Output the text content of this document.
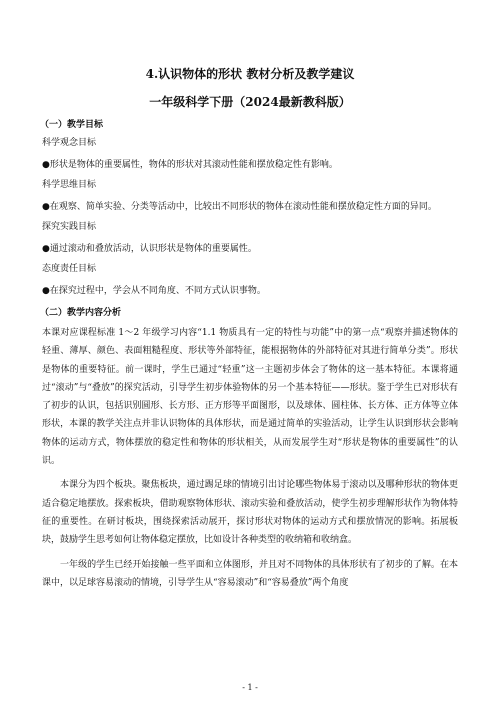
4.认识物体的形状 教材分析及教学建议
一年级科学下册（2024最新教科版）
（一）教学目标
科学观念目标
●形状是物体的重要属性，物体的形状对其滚动性能和摆放稳定性有影响。
科学思维目标
●在观察、简单实验、分类等活动中，比较出不同形状的物体在滚动性能和摆放稳定性方面的异同。
探究实践目标
●通过滚动和叠放活动，认识形状是物体的重要属性。
态度责任目标
●在探究过程中，学会从不同角度、不同方式认识事物。
（二）教学内容分析

本课对应课程标准 1～2 年级学习内容“1.1 物质具有一定的特性与功能”中的第一点“观察并描述物体的轻重、薄厚、颜色、表面粗糙程度、形状等外部特征，能根据物体的外部特征对其进行简单分类”。形状是物体的重要特征。前一课时，学生已通过“轻重”这一主题初步体会了物体的这一基本特征。本课将通过“滚动”与“叠放”的探究活动，引导学生初步体验物体的另一个基本特征——形状。鉴于学生已对形状有了初步的认识，包括识别圆形、长方形、正方形等平面图形，以及球体、圆柱体、长方体、正方体等立体形状，本课的教学关注点并非认识物体的具体形状，而是通过简单的实验活动，让学生认识到形状会影响物体的运动方式，物体摆放的稳定性和物体的形状相关，从而发展学生对“形状是物体的重要属性”的认识。

本课分为四个板块。聚焦板块，通过踢足球的情境引出讨论哪些物体易于滚动以及哪种形状的物体更适合稳定地摆放。探索板块，借助观察物体形状、滚动实验和叠放活动，使学生初步理解形状作为物体特征的重要性。在研讨板块，围绕探索活动展开，探讨形状对物体的运动方式和摆放情况的影响。拓展板块，鼓励学生思考如何让物体稳定摆放，比如设计各种类型的收纳箱和收纳盒。

一年级的学生已经开始接触一些平面和立体图形，并且对不同物体的具体形状有了初步的了解。在本课中，以足球容易滚动的情境，引导学生从“容易滚动”和“容易叠放”两个角度

- 1 -
